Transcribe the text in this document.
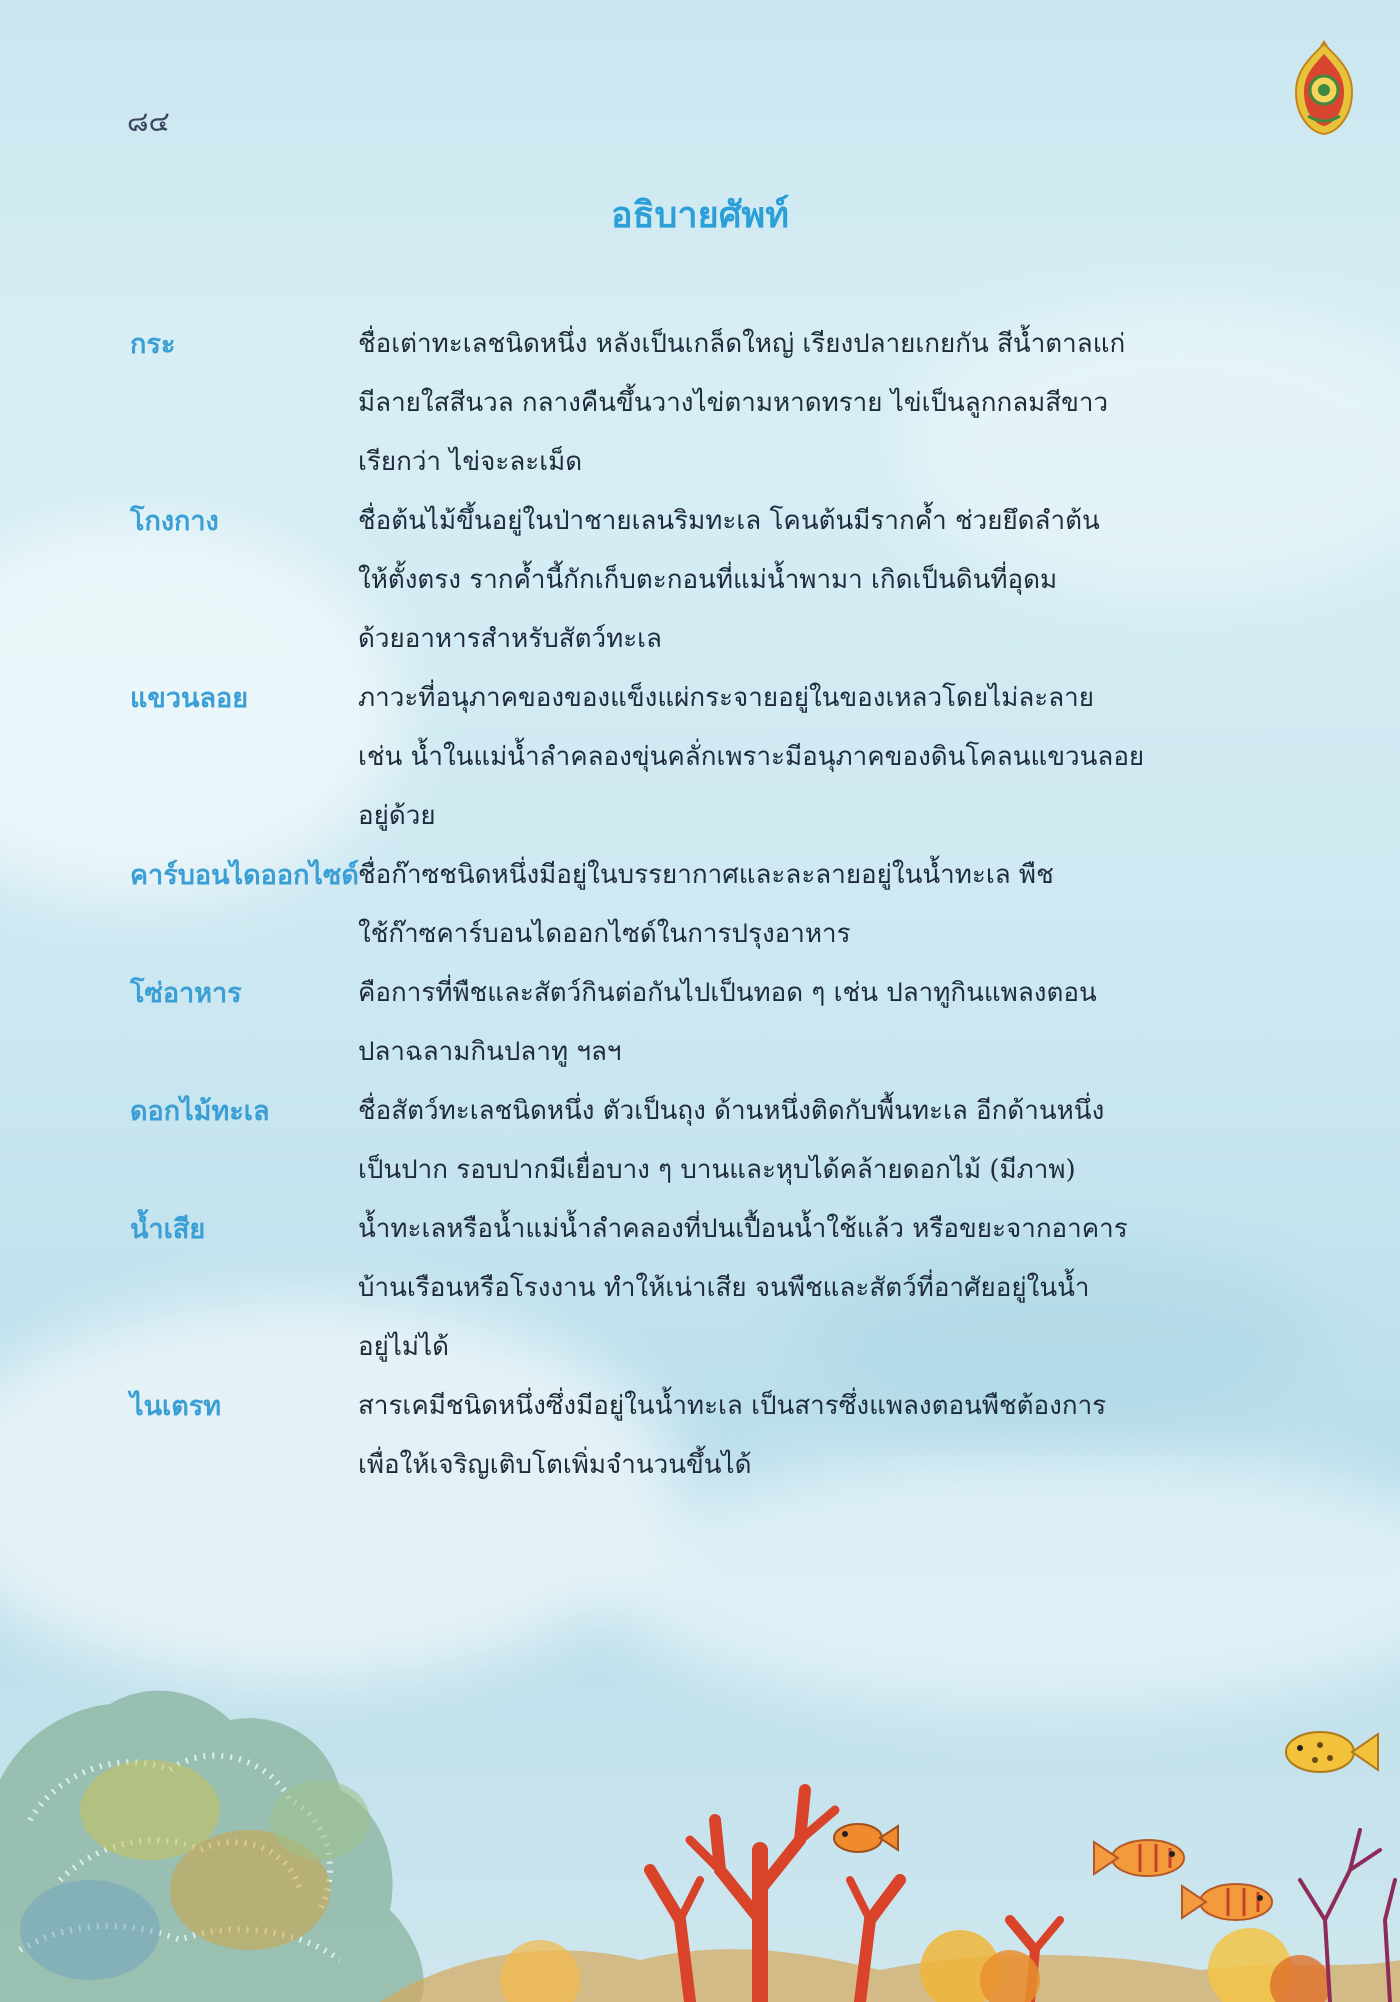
๘๔
อธิบายศัพท์
กระ	ชื่อเต่าทะเลชนิดหนึ่ง หลังเป็นเกล็ดใหญ่ เรียงปลายเกยกัน สีน้ำตาลแก่
มีลายใสสีนวล กลางคืนขึ้นวางไข่ตามหาดทราย ไข่เป็นลูกกลมสีขาว
เรียกว่า ไข่จะละเม็ด
โกงกาง	ชื่อต้นไม้ขึ้นอยู่ในป่าชายเลนริมทะเล โคนต้นมีรากค้ำ ช่วยยึดลำต้น
ให้ตั้งตรง รากค้ำนี้กักเก็บตะกอนที่แม่น้ำพามา เกิดเป็นดินที่อุดม
ด้วยอาหารสำหรับสัตว์ทะเล
แขวนลอย	ภาวะที่อนุภาคของของแข็งแผ่กระจายอยู่ในของเหลวโดยไม่ละลาย
เช่น น้ำในแม่น้ำลำคลองขุ่นคลั่กเพราะมีอนุภาคของดินโคลนแขวนลอย
อยู่ด้วย
คาร์บอนไดออกไซด์ ชื่อก๊าซชนิดหนึ่งมีอยู่ในบรรยากาศและละลายอยู่ในน้ำทะเล พืช
ใช้ก๊าซคาร์บอนไดออกไซด์ในการปรุงอาหาร
โซ่อาหาร	คือการที่พืชและสัตว์กินต่อกันไปเป็นทอด ๆ เช่น ปลาทูกินแพลงตอน
ปลาฉลามกินปลาทู ฯลฯ
ดอกไม้ทะเล	ชื่อสัตว์ทะเลชนิดหนึ่ง ตัวเป็นถุง ด้านหนึ่งติดกับพื้นทะเล อีกด้านหนึ่ง
เป็นปาก รอบปากมีเยื่อบาง ๆ บานและหุบได้คล้ายดอกไม้ (มีภาพ)
น้ำเสีย	น้ำทะเลหรือน้ำแม่น้ำลำคลองที่ปนเปื้อนน้ำใช้แล้ว หรือขยะจากอาคาร
บ้านเรือนหรือโรงงาน ทำให้เน่าเสีย จนพืชและสัตว์ที่อาศัยอยู่ในน้ำ
อยู่ไม่ได้
ไนเตรท	สารเคมีชนิดหนึ่งซึ่งมีอยู่ในน้ำทะเล เป็นสารซึ่งแพลงตอนพืชต้องการ
เพื่อให้เจริญเติบโตเพิ่มจำนวนขึ้นได้
